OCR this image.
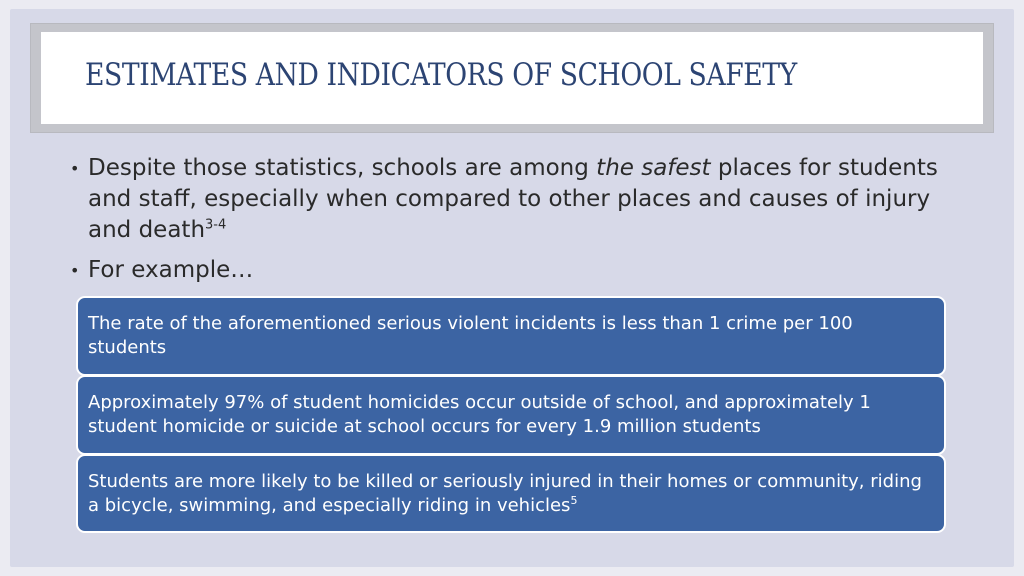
ESTIMATES AND INDICATORS OF SCHOOL SAFETY
• Despite those statistics, schools are among the safest places for students and staff, especially when compared to other places and causes of injury and death$^{3-4}$
• For example…
The rate of the aforementioned serious violent incidents is less than 1 crime per 100 students
Approximately 97% of student homicides occur outside of school, and approximately 1 student homicide or suicide at school occurs for every 1.9 million students
Students are more likely to be killed or seriously injured in their homes or community, riding a bicycle, swimming, and especially riding in vehicles$^5$
